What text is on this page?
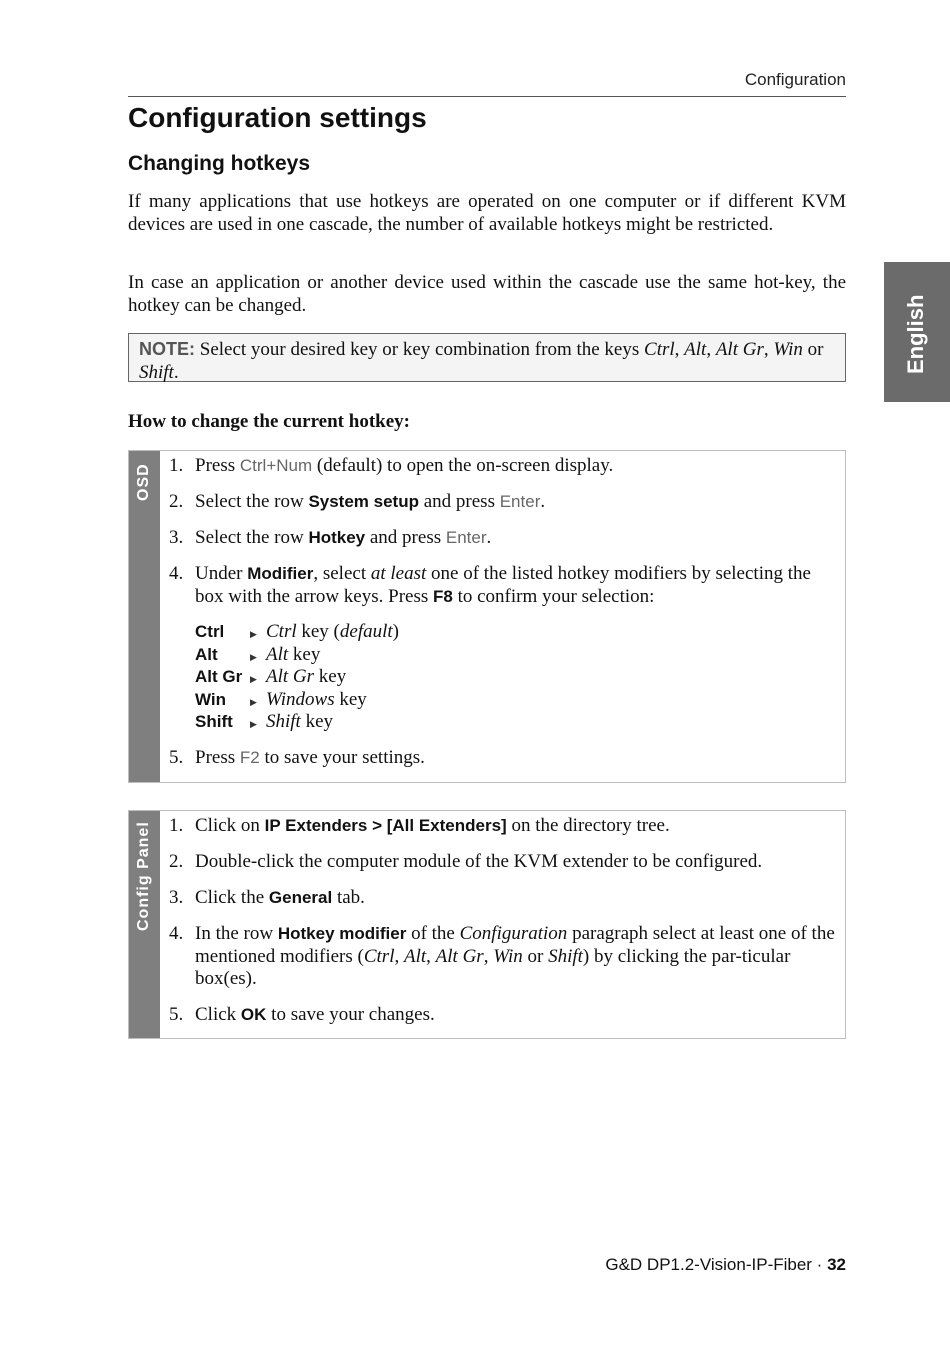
Configuration
Configuration settings
Changing hotkeys

If many applications that use hotkeys are operated on one computer or if different KVM devices are used in one cascade, the number of available hotkeys might be restricted.

In case an application or another device used within the cascade use the same hot-key, the hotkey can be changed.

NOTE: Select your desired key or key combination from the keys Ctrl, Alt, Alt Gr, Win or Shift.

How to change the current hotkey:

OSD 1. Press Ctrl+Num (default) to open the on-screen display.
2. Select the row System setup and press Enter.
3. Select the row Hotkey and press Enter.
4. Under Modifier, select at least one of the listed hotkey modifiers by selecting the box with the arrow keys. Press F8 to confirm your selection:
Ctrl	▶ Ctrl key (default)
Alt	▶ Alt key
Alt Gr ▶ Alt Gr key
Win	▶ Windows key
Shift	▶ Shift key
5. Press F2 to save your settings.
Config Panel 1. Click on IP Extenders > [All Extenders] on the directory tree.
2. Double-click the computer module of the KVM extender to be configured.
3. Click the General tab.
4. In the row Hotkey modifier of the Configuration paragraph select at least one of the mentioned modifiers (Ctrl, Alt, Alt Gr, Win or Shift) by clicking the par-ticular box(es).
5. Click OK to save your changes.
English
G&D DP1.2-Vision-IP-Fiber · 32
